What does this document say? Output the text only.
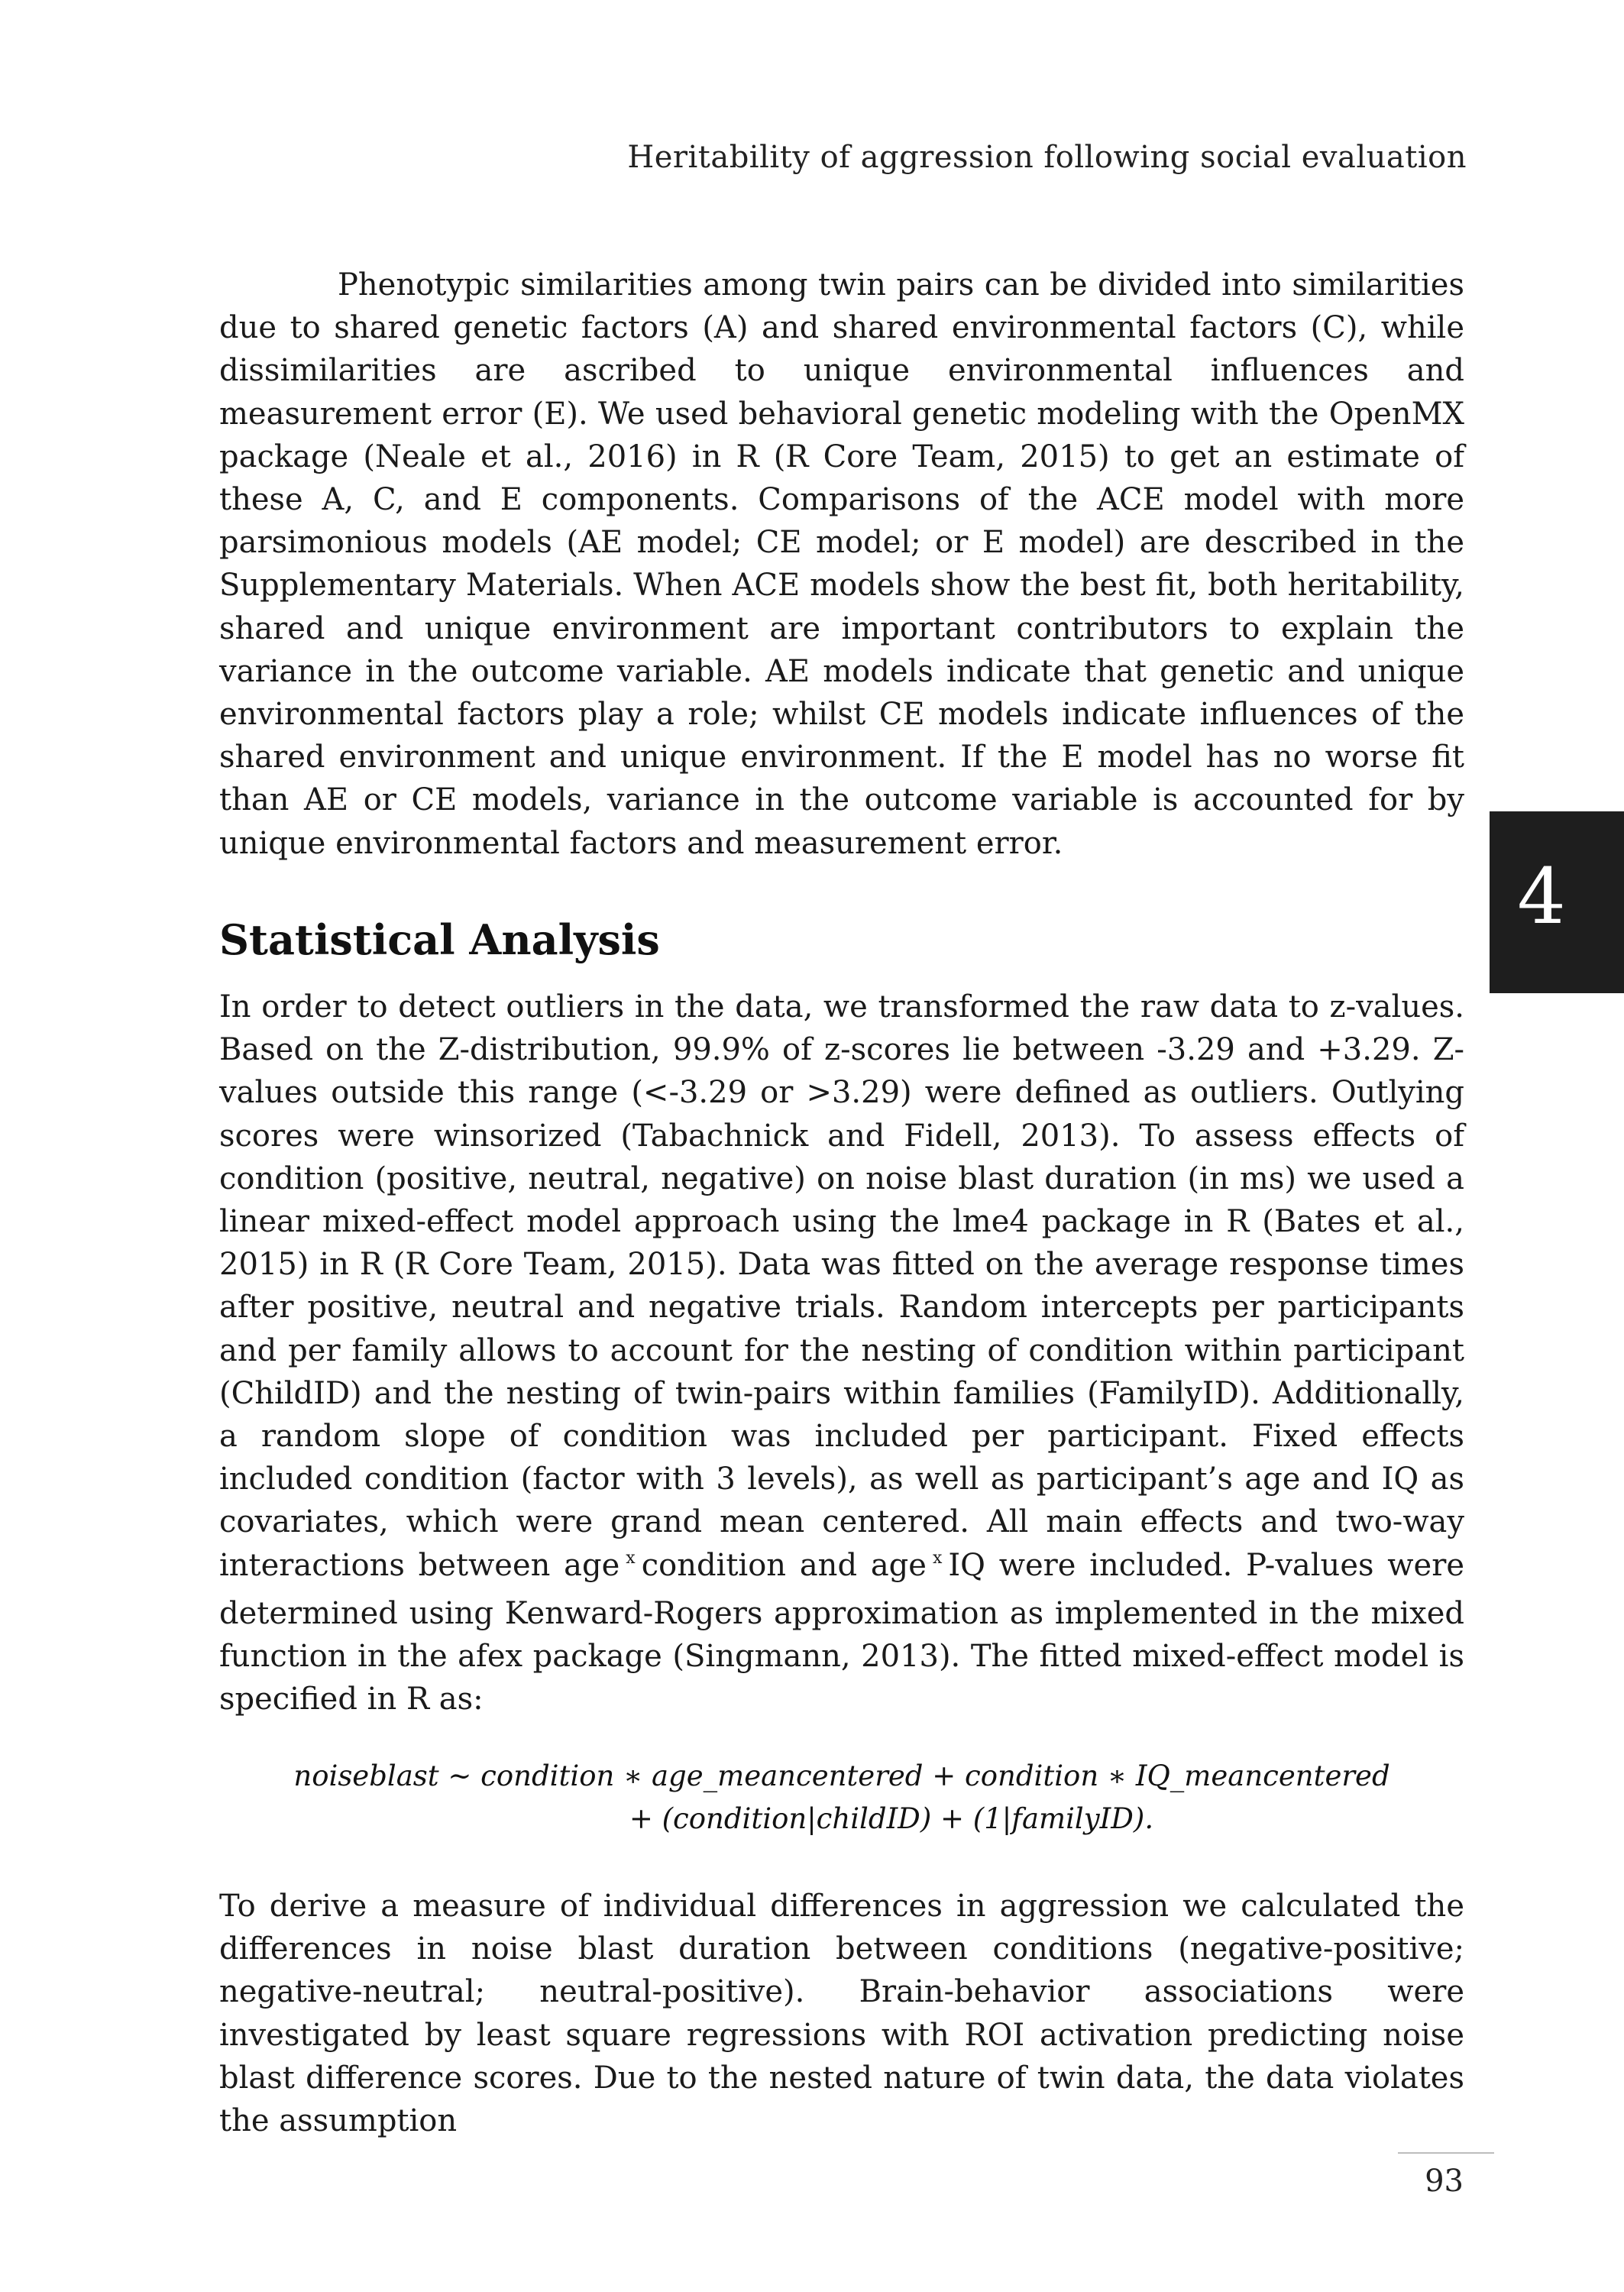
Heritability of aggression following social evaluation

Phenotypic similarities among twin pairs can be divided into similarities due to shared genetic factors (A) and shared environmental factors (C), while dissimilarities are ascribed to unique environmental influences and measurement error (E). We used behavioral genetic modeling with the OpenMX package (Neale et al., 2016) in R (R Core Team, 2015) to get an estimate of these A, C, and E components. Comparisons of the ACE model with more parsimonious models (AE model; CE model; or E model) are described in the Supplementary Materials. When ACE models show the best fit, both heritability, shared and unique environment are important contributors to explain the variance in the outcome variable. AE models indicate that genetic and unique environmental factors play a role; whilst CE models indicate influences of the shared environment and unique environment. If the E model has no worse fit than AE or CE models, variance in the outcome variable is accounted for by unique environmental factors and measurement error.

Statistical Analysis

In order to detect outliers in the data, we transformed the raw data to z-values. Based on the Z-distribution, 99.9% of z-scores lie between -3.29 and +3.29. Z-values outside this range (<-3.29 or >3.29) were defined as outliers. Outlying scores were winsorized (Tabachnick and Fidell, 2013). To assess effects of condition (positive, neutral, negative) on noise blast duration (in ms) we used a linear mixed-effect model approach using the lme4 package in R (Bates et al., 2015) in R (R Core Team, 2015). Data was fitted on the average response times after positive, neutral and negative trials. Random intercepts per participants and per family allows to account for the nesting of condition within participant (ChildID) and the nesting of twin-pairs within families (FamilyID). Additionally, a random slope of condition was included per participant. Fixed effects included condition (factor with 3 levels), as well as participant’s age and IQ as covariates, which were grand mean centered. All main effects and two-way interactions between age $^x$ condition and age $^x$ IQ were included. P-values were determined using Kenward-Rogers approximation as implemented in the mixed function in the afex package (Singmann, 2013). The fitted mixed-effect model is specified in R as:

noiseblast ~ condition ∗ age_meancentered + condition ∗ IQ_meancentered
+ (condition|childID) + (1|familyID).

To derive a measure of individual differences in aggression we calculated the differences in noise blast duration between conditions (negative-positive; negative-neutral; neutral-positive). Brain-behavior associations were investigated by least square regressions with ROI activation predicting noise blast difference scores. Due to the nested nature of twin data, the data violates the assumption

4
93
